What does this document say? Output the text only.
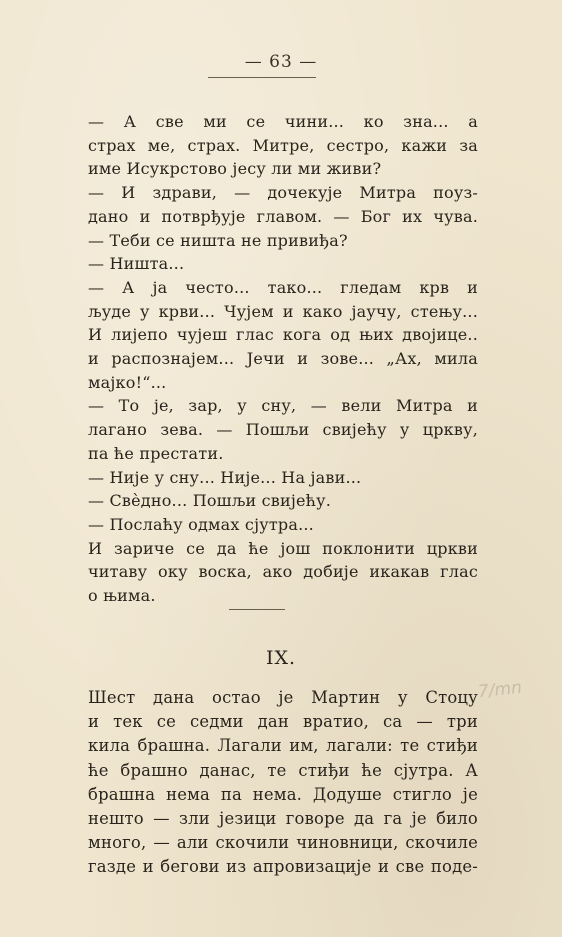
— 63 —
— А све ми се чини... ко зна... а
страх ме, страх. Митре, сестро, кажи за
име Исукрстово јесу ли ми живи?
— И здрави, — дочекује Митра поуз-
дано и потврђује главом. — Бог их чува.
— Теби се ништа не привиђа?
— Ништа...
— А ја често... тако... гледам крв и
људе у крви... Чујем и како јаучу, стењу...
И лијепо чујеш глас кога од њих двојице..
и распознајем... Јечи и зове... „Ах, мила
мајко!“...
— То је, зар, у сну, — вели Митра и
лагано зева. — Пошљи свијећу у цркву,
па ће престати.
— Није у сну... Није... На јави...
— Свѐдно... Пошљи свијећу.
— Послаћу одмах сјутра...
И зариче се да ће још поклонити цркви
читаву оку воска, ако добије икакав глас
о њима.
IX.
7/mn
Шест дана остао је Мартин у Стоцу
и тек се седми дан вратио, са — три
кила брашна. Лагали им, лагали: те стиђи
ће брашно данас, те стиђи ће сјутра. А
брашна нема па нема. Додуше стигло је
нешто — зли језици говоре да га је било
много, — али скочили чиновници, скочиле
газде и бегови из апровизације и све поде-
